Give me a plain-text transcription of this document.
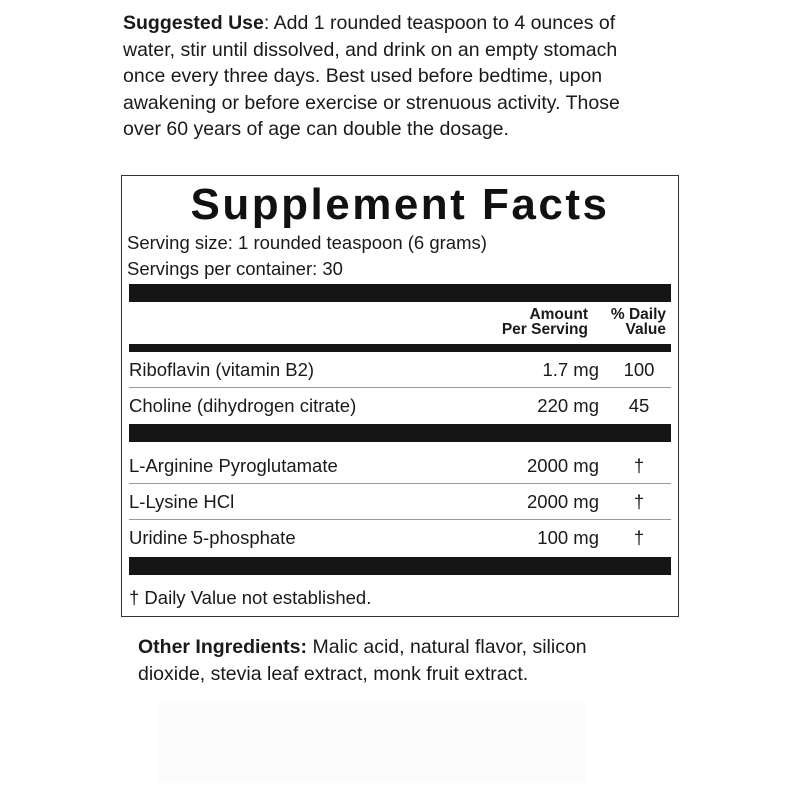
Suggested Use: Add 1 rounded teaspoon to 4 ounces of water, stir until dissolved, and drink on an empty stomach once every three days. Best used before bedtime, upon awakening or before exercise or strenuous activity. Those over 60 years of age can double the dosage.
Supplement Facts
Serving size: 1 rounded teaspoon (6 grams)
Servings per container: 30
Amount
Per Serving
% Daily
Value
Riboflavin (vitamin B2)	1.7 mg 100
Choline (dihydrogen citrate)	220 mg	45
L-Arginine Pyroglutamate	2000 mg	†
L-Lysine HCl	2000 mg	†
Uridine 5-phosphate	100 mg	†
† Daily Value not established.
Other Ingredients: Malic acid, natural flavor, silicon dioxide, stevia leaf extract, monk fruit extract.
